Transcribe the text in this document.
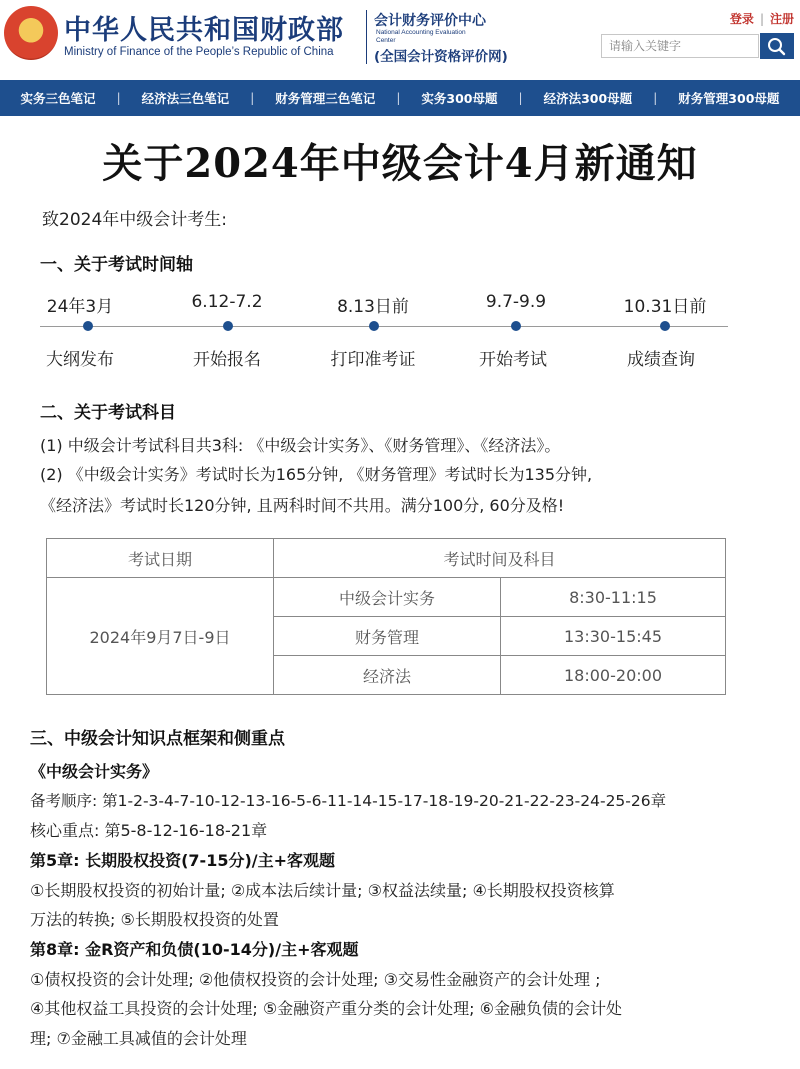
中华人民共和国财政部
Ministry of Finance of the People’s Republic of China
会计财务评价中心
National Accounting Evaluation Center
(全国会计资格评价网)
登录 | 注册
请输入关键字
实务三色笔记 | 经济法三色笔记 | 财务管理三色笔记 | 实务300母题 | 经济法300母题 | 财务管理300母题
关于2024年中级会计4月新通知
致2024年中级会计考生:
一、关于考试时间轴
24年3月
大纲发布
6.12-7.2
开始报名
8.13日前
打印准考证
9.7-9.9
开始考试
10.31日前
成绩查询
二、关于考试科目
(1) 中级会计考试科目共3科: 《中级会计实务》、《财务管理》、《经济法》。
(2) 《中级会计实务》考试时长为165分钟, 《财务管理》考试时长为135分钟,
《经济法》考试时长120分钟, 且两科时间不共用。满分100分, 60分及格!
考试日期	考试时间及科目	
2024年9月7日-9日	中级会计实务	8:30-11:15
	财务管理	13:30-15:45
	经济法	18:00-20:00
三、中级会计知识点框架和侧重点
《中级会计实务》
备考顺序: 第1-2-3-4-7-10-12-13-16-5-6-11-14-15-17-18-19-20-21-22-23-24-25-26章
核心重点: 第5-8-12-16-18-21章
第5章: 长期股权投资(7-15分)/主+客观题
①长期股权投资的初始计量; ②成本法后续计量; ③权益法续量; ④长期股权投资核算
万法的转换; ⑤长期股权投资的处置
第8章: 金R资产和负债(10-14分)/主+客观题
①债权投资的会计处理; ②他债权投资的会计处理; ③交易性金融资产的会计处理 ;
④其他权益工具投资的会计处理; ⑤金融资产重分类的会计处理; ⑥金融负债的会计处
理; ⑦金融工具减值的会计处理
